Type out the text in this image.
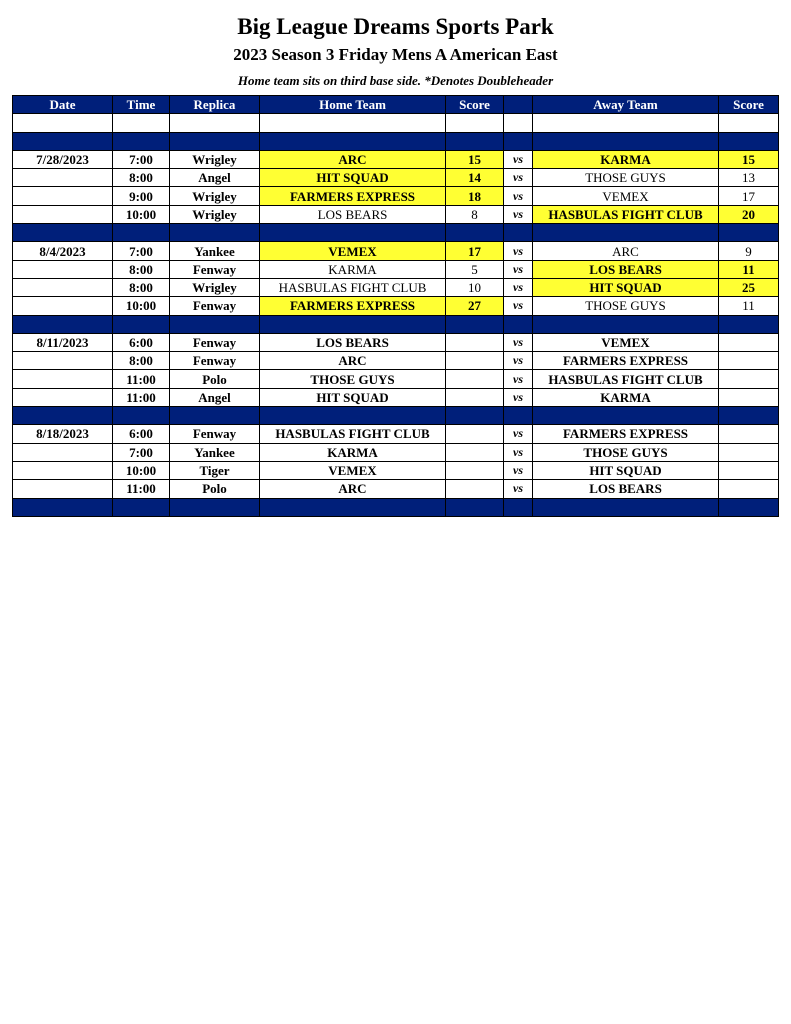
Big League Dreams Sports Park
2023 Season 3 Friday Mens A American East
Home team sits on third base side. *Denotes Doubleheader
Date	Time	Replica	Home Team	Score		Away Team	Score

7/28/2023	7:00	Wrigley	ARC	15	vs	KARMA	15
	8:00	Angel	HIT SQUAD	14	vs	THOSE GUYS	13
	9:00	Wrigley	FARMERS EXPRESS	18	vs	VEMEX	17
	10:00	Wrigley	LOS BEARS	8	vs	HASBULAS FIGHT CLUB	20

8/4/2023	7:00	Yankee	VEMEX	17	vs	ARC	9
	8:00	Fenway	KARMA	5	vs	LOS BEARS	11
	8:00	Wrigley	HASBULAS FIGHT CLUB	10	vs	HIT SQUAD	25
	10:00	Fenway	FARMERS EXPRESS	27	vs	THOSE GUYS	11

8/11/2023	6:00	Fenway	LOS BEARS		vs	VEMEX	
	8:00	Fenway	ARC		vs	FARMERS EXPRESS	
	11:00	Polo	THOSE GUYS		vs	HASBULAS FIGHT CLUB	
	11:00	Angel	HIT SQUAD		vs	KARMA	

8/18/2023	6:00	Fenway	HASBULAS FIGHT CLUB		vs	FARMERS EXPRESS	
	7:00	Yankee	KARMA		vs	THOSE GUYS	
	10:00	Tiger	VEMEX		vs	HIT SQUAD	
	11:00	Polo	ARC		vs	LOS BEARS	
